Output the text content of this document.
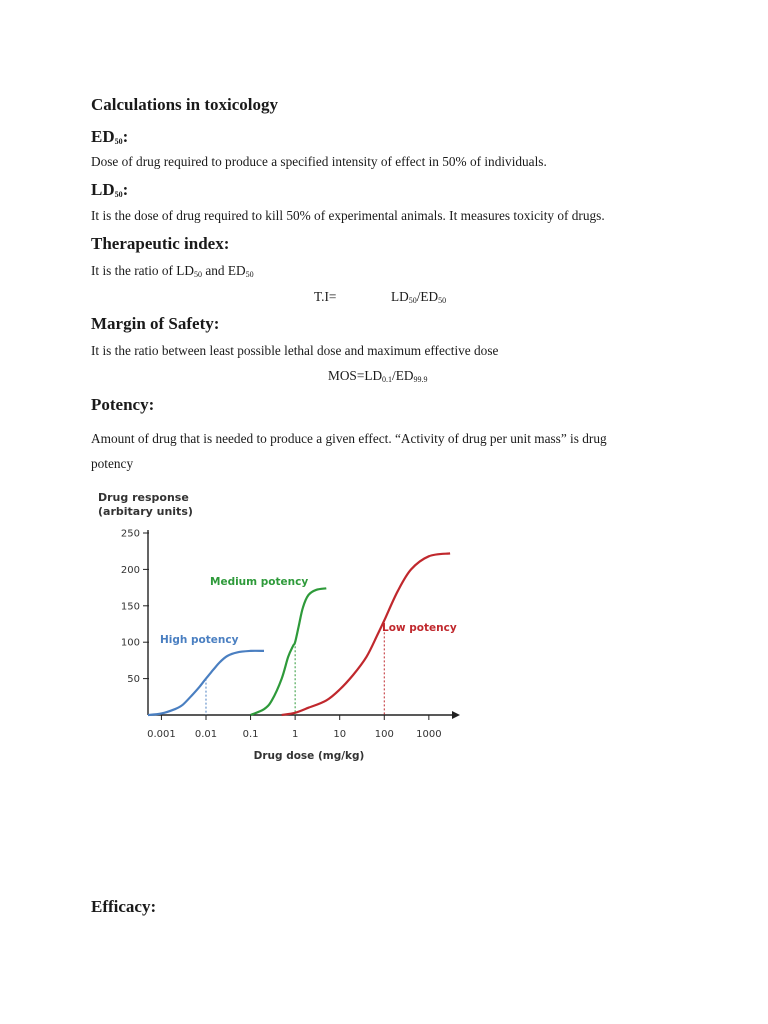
Calculations in toxicology
$ED_{50}$:
Dose of drug required to produce a specified intensity of effect in 50% of individuals.
$LD_{50}$:
It is the dose of drug required to kill 50% of experimental animals. It measures toxicity of drugs.
Therapeutic index:
It is the ratio of $LD_{50}$ and $ED_{50}$
T.I=	$LD_{50}/ED_{50}$
Margin of Safety:
It is the ratio between least possible lethal dose and maximum effective dose
$MOS=LD_{0.1}/ED_{99.9}$
Potency:
Amount of drug that is needed to produce a given effect. “Activity of drug per unit mass” is drug
potency
Drug response
(arbitary units)
50
100
150
200
250
0.001 0.01	0.1	1	10	100 1000
High potency
Medium potency
Low potency
Drug dose (mg/kg)
Efficacy:
